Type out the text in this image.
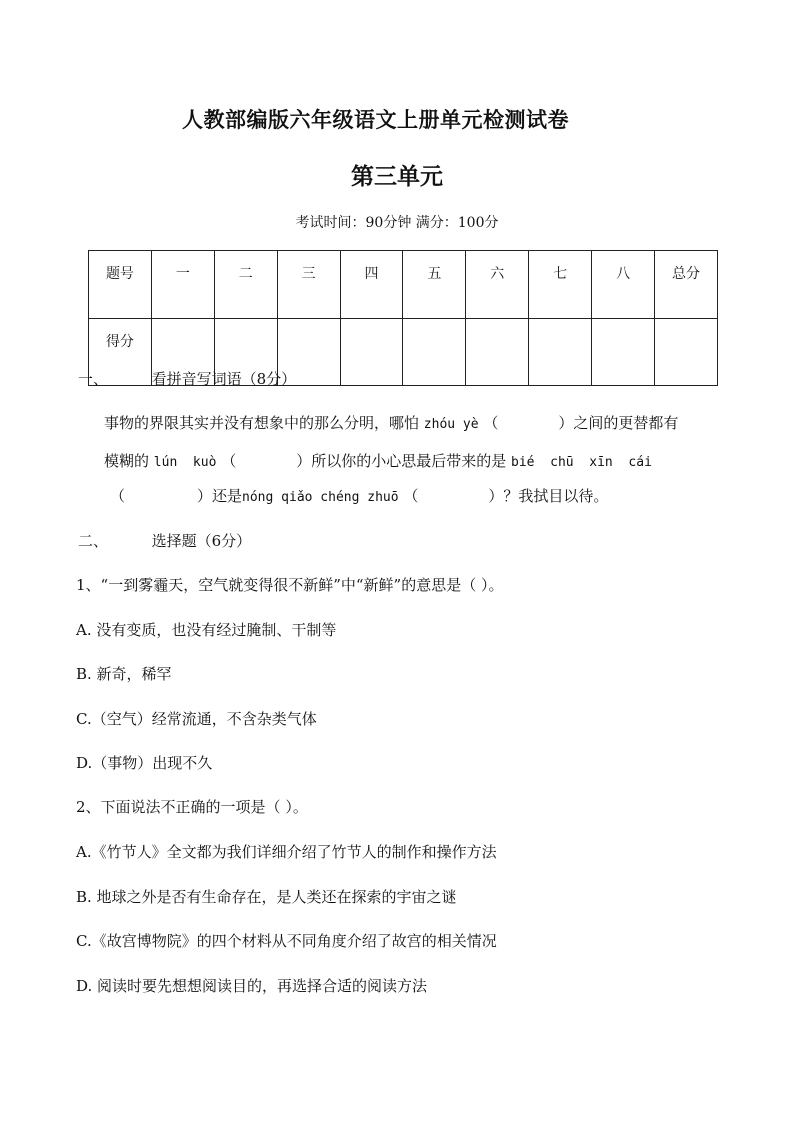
人教部编版六年级语文上册单元检测试卷
第三单元
考试时间：90分钟 满分：100分
题号	一	二	三	四	五	六	七	八	总分
得分									
一、	看拼音写词语（8分）
事物的界限其实并没有想象中的那么分明，哪怕 zhóu yè （	）之间的更替都有
模糊的 lún  kuò （	）所以你的小心思最后带来的是 bié  chū  xīn  cái
（	）还是nóng qiǎo chéng zhuō （	）？我拭目以待。
二、	选择题（6分）
1、“一到雾霾天，空气就变得很不新鲜”中“新鲜”的意思是（ ）。
A. 没有变质，也没有经过腌制、干制等
B. 新奇，稀罕
C.（空气）经常流通，不含杂类气体
D.（事物）出现不久
2、下面说法不正确的一项是（ ）。
A.《竹节人》全文都为我们详细介绍了竹节人的制作和操作方法
B. 地球之外是否有生命存在，是人类还在探索的宇宙之谜
C.《故宫博物院》的四个材料从不同角度介绍了故宫的相关情况
D. 阅读时要先想想阅读目的，再选择合适的阅读方法
